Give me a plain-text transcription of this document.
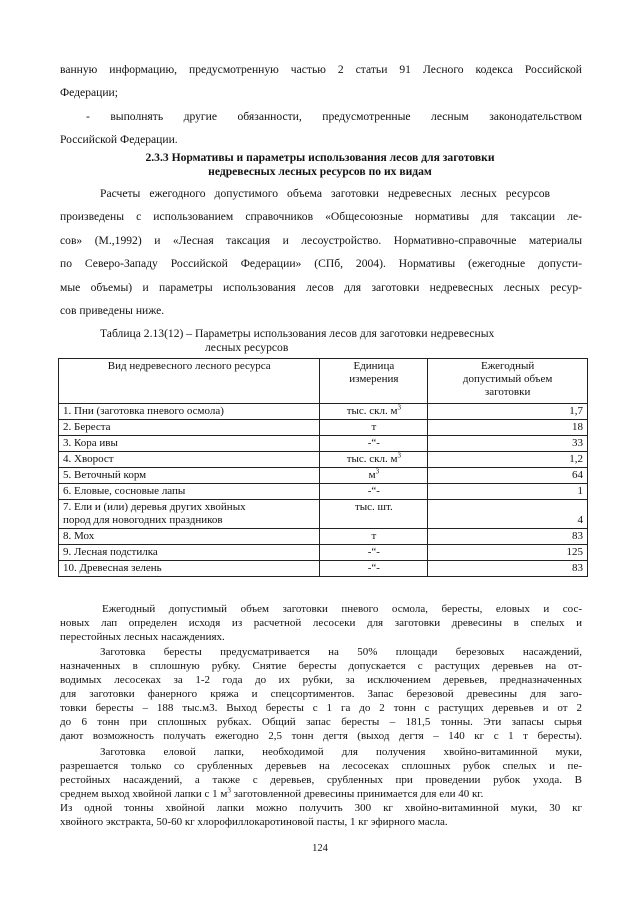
ванную информацию, предусмотренную частью 2 статьи 91 Лесного кодекса Российской
Федерации;
- выполнять другие обязанности, предусмотренные лесным законодательством
Российской Федерации.
2.3.3 Нормативы и параметры использования лесов для заготовки
недревесных лесных ресурсов по их видам
Расчеты ежегодного допустимого объема заготовки недревесных лесных ресурсов
произведены с использованием справочников «Общесоюзные нормативы для таксации ле-
сов» (М.,1992) и «Лесная таксация и лесоустройство. Нормативно-справочные материалы
по Северо-Западу Российской Федерации» (СПб, 2004). Нормативы (ежегодные допусти-
мые объемы) и параметры использования лесов для заготовки недревесных лесных ресур-
сов приведены ниже.
Таблица 2.13(12) – Параметры использования лесов для заготовки недревесных
лесных ресурсов
Вид недревесного лесного ресурса	Единица
измерения	Ежегодный
допустимый объем
заготовки
1. Пни (заготовка пневого осмола)	тыс. скл. $м^3$	1,7
2. Береста	т	18
3. Кора ивы	-“-	33
4. Хворост	тыс. скл. $м^3$	1,2
5. Веточный корм	$м^3$	64
6. Еловые, сосновые лапы	-“-	1
7. Ели и (или) деревья других хвойных
пород для новогодних праздников	тыс. шт.	4
8. Мох	т	83
9. Лесная подстилка	-“-	125
10. Древесная зелень	-“-	83
Ежегодный допустимый объем заготовки пневого осмола, бересты, еловых и сос-
новых лап определен исходя из расчетной лесосеки для заготовки древесины в спелых и
перестойных лесных насаждениях.
Заготовка бересты предусматривается на 50% площади березовых насаждений,
назначенных в сплошную рубку. Снятие бересты допускается с растущих деревьев на от-
водимых лесосеках за 1-2 года до их рубки, за исключением деревьев, предназначенных
для заготовки фанерного кряжа и спецсортиментов. Запас березовой древесины для заго-
товки бересты – 188 тыс.м3. Выход бересты с 1 га до 2 тонн с растущих деревьев и от 2
до 6 тонн при сплошных рубках. Общий запас бересты – 181,5 тонны. Эти запасы сырья
дают возможность получать ежегодно 2,5 тонн дегтя (выход дегтя – 140 кг с 1 т бересты).
Заготовка еловой лапки, необходимой для получения хвойно-витаминной муки,
разрешается только со срубленных деревьев на лесосеках сплошных рубок спелых и пе-
рестойных насаждений, а также с деревьев, срубленных при проведении рубок ухода. В
среднем выход хвойной лапки с 1 $м^3$ заготовленной древесины принимается для ели 40 кг.
Из одной тонны хвойной лапки можно получить 300 кг хвойно-витаминной муки, 30 кг
хвойного экстракта, 50-60 кг хлорофиллокаротиновой пасты, 1 кг эфирного масла.
124
